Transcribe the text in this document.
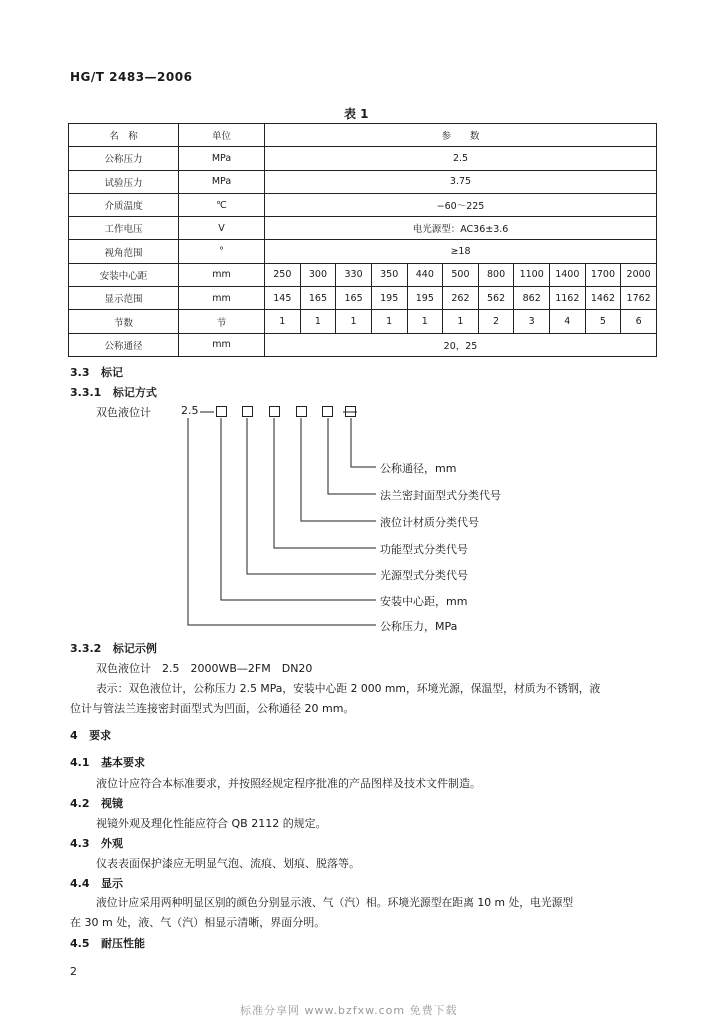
HG/T 2483—2006
表 1
名　称	单位	参　　数										
公称压力	MPa	2.5										
试验压力	MPa	3.75										
介质温度	℃	−60～225										
工作电压	V	电光源型：AC36±3.6										
视角范围	°	≥18										
安装中心距	mm	250	300	330	350	440	500	800	1100	1400	1700	2000
显示范围	mm	145	165	165	195	195	262	562	862	1162	1462	1762
节数	节	1	1	1	1	1	1	2	3	4	5	6
公称通径	mm	20，25										
3.3 标记
3.3.1 标记方式
双色液位计	2.5
公称通径，mm
法兰密封面型式分类代号
液位计材质分类代号
功能型式分类代号
光源型式分类代号
安装中心距，mm
公称压力，MPa
3.3.2 标记示例
双色液位计　2.5　2000WB—2FM　DN20
表示：双色液位计，公称压力 2.5 MPa，安装中心距 2 000 mm，环境光源，保温型，材质为不锈钢，液
位计与管法兰连接密封面型式为凹面，公称通径 20 mm。
4 要求
4.1 基本要求
液位计应符合本标准要求，并按照经规定程序批准的产品图样及技术文件制造。
4.2 视镜
视镜外观及理化性能应符合 QB 2112 的规定。
4.3 外观
仪表表面保护漆应无明显气泡、流痕、划痕、脱落等。
4.4 显示
液位计应采用两种明显区别的颜色分别显示液、气（汽）相。环境光源型在距离 10 m 处，电光源型
在 30 m 处，液、气（汽）相显示清晰，界面分明。
4.5 耐压性能
2
标准分享网 www.bzfxw.com 免费下载
